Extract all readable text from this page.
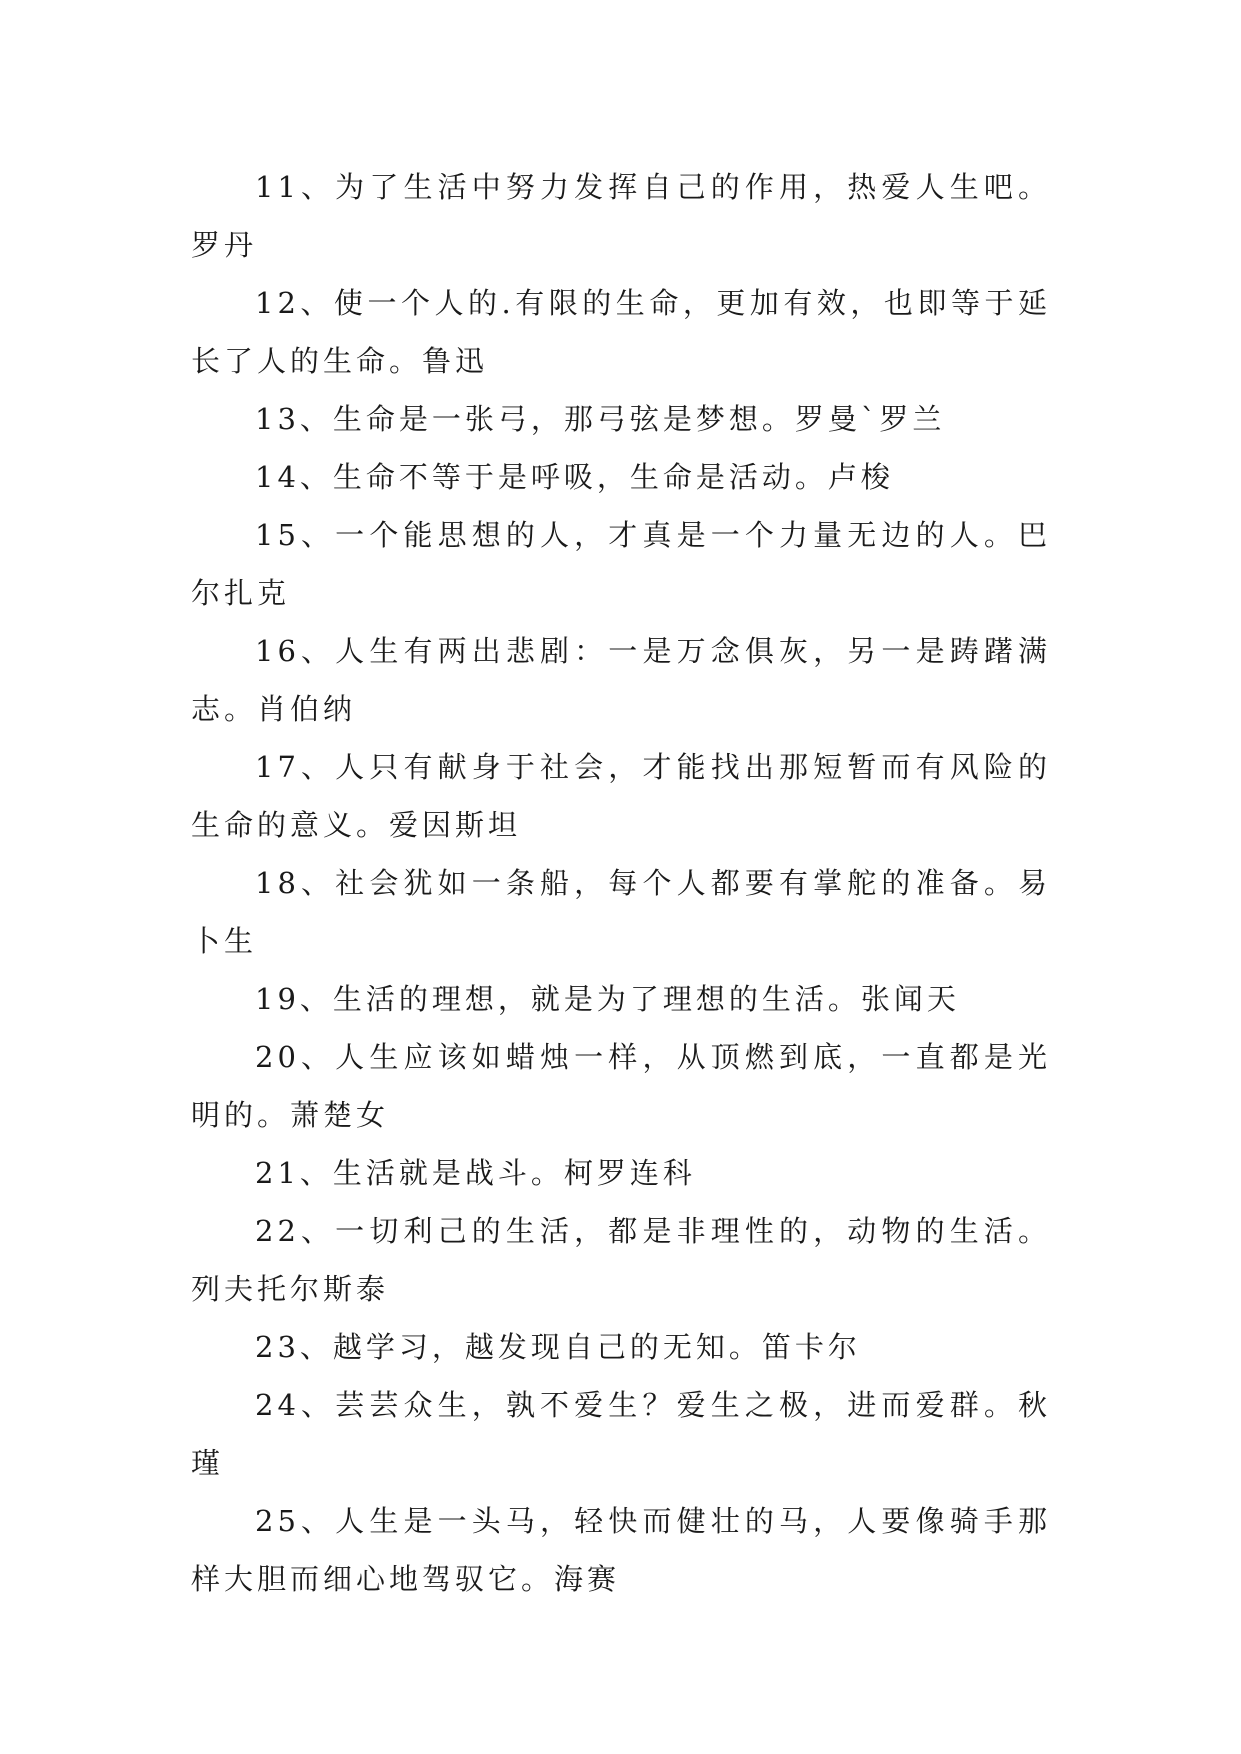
11、为了生活中努力发挥自己的作用，热爱人生吧。罗丹

12、使一个人的.有限的生命，更加有效，也即等于延长了人的生命。鲁迅

13、生命是一张弓，那弓弦是梦想。罗曼`罗兰

14、生命不等于是呼吸，生命是活动。卢梭

15、一个能思想的人，才真是一个力量无边的人。巴尔扎克

16、人生有两出悲剧：一是万念俱灰，另一是踌躇满志。肖伯纳

17、人只有献身于社会，才能找出那短暂而有风险的生命的意义。爱因斯坦

18、社会犹如一条船，每个人都要有掌舵的准备。易卜生

19、生活的理想，就是为了理想的生活。张闻天

20、人生应该如蜡烛一样，从顶燃到底，一直都是光明的。萧楚女

21、生活就是战斗。柯罗连科

22、一切利己的生活，都是非理性的，动物的生活。列夫托尔斯泰

23、越学习，越发现自己的无知。笛卡尔

24、芸芸众生，孰不爱生？爱生之极，进而爱群。秋瑾

25、人生是一头马，轻快而健壮的马，人要像骑手那样大胆而细心地驾驭它。海赛
